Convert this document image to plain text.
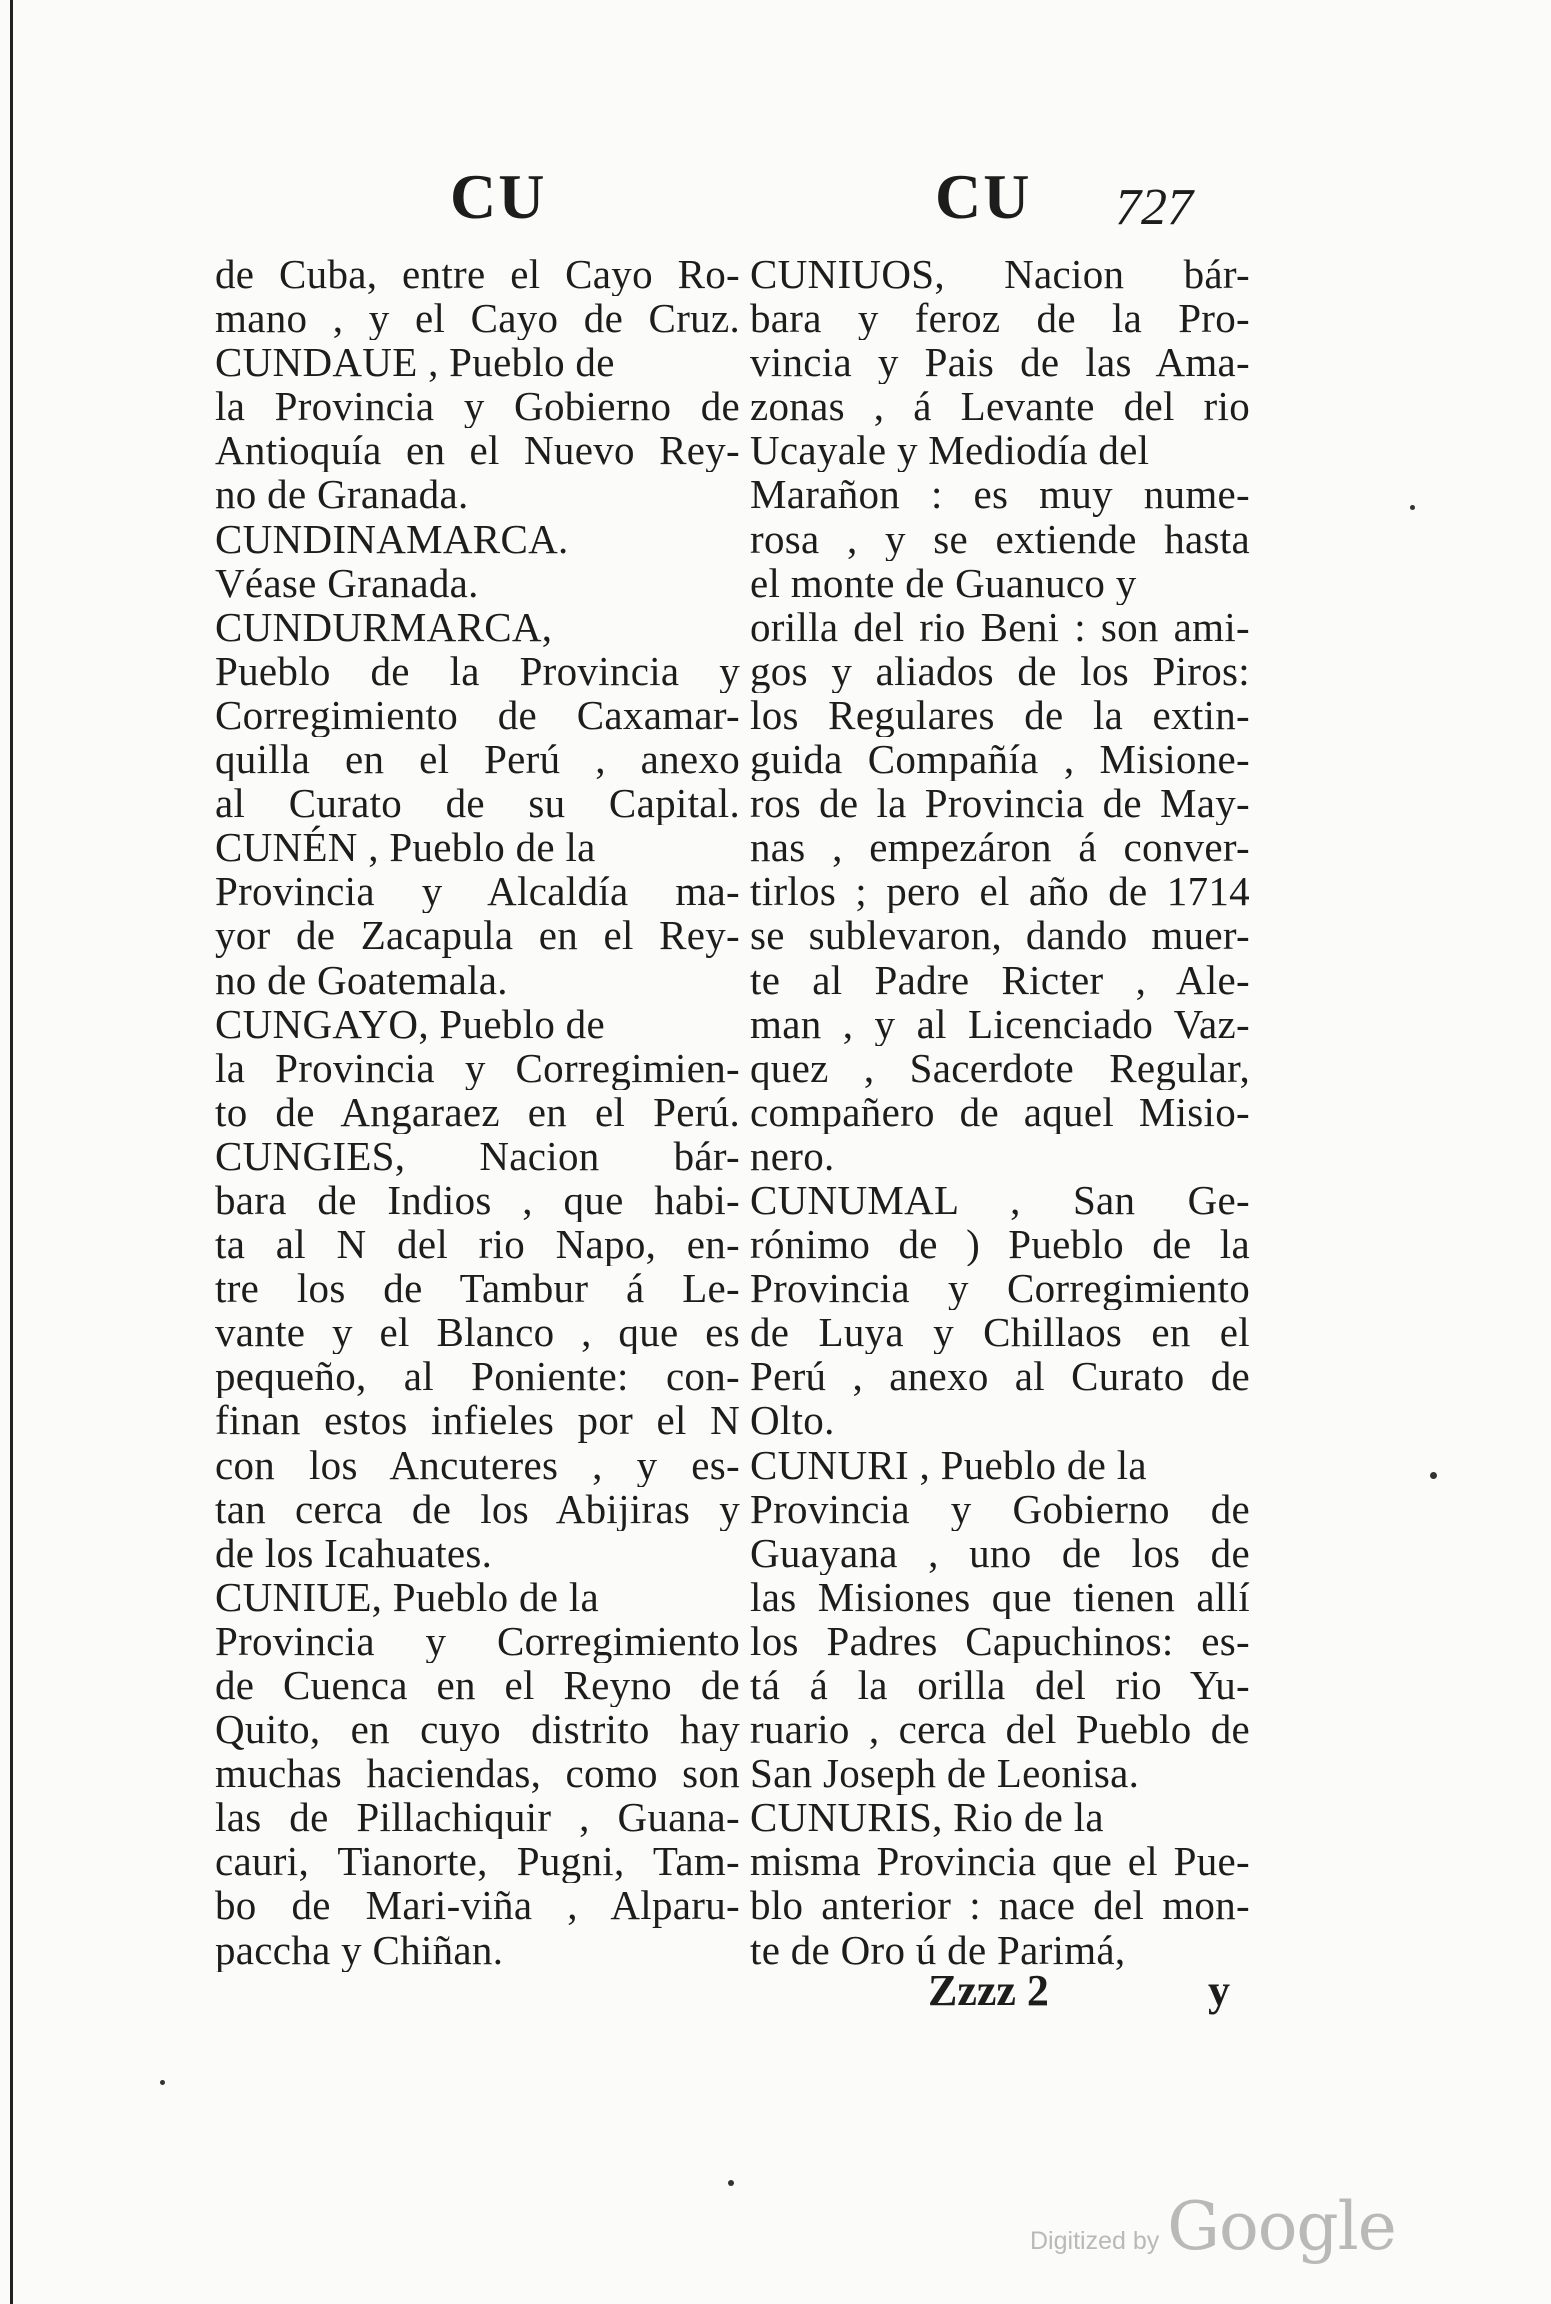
CU	CU 727
de Cuba, entre el Cayo Ro-
mano , y el Cayo de Cruz.
CUNDAUE , Pueblo de
la Provincia y Gobierno de
Antioquía en el Nuevo Rey-
no de Granada.
CUNDINAMARCA.
Véase Granada.
CUNDURMARCA,
Pueblo de la Provincia y
Corregimiento de Caxamar-
quilla en el Perú , anexo
al Curato de su Capital.
CUNÉN , Pueblo de la
Provincia y Alcaldía ma-
yor de Zacapula en el Rey-
no de Goatemala.
CUNGAYO, Pueblo de
la Provincia y Corregimien-
to de Angaraez en el Perú.
CUNGIES, Nacion bár-
bara de Indios , que habi-
ta al N del rio Napo, en-
tre los de Tambur á Le-
vante y el Blanco , que es
pequeño, al Poniente: con-
finan estos infieles por el N
con los Ancuteres , y es-
tan cerca de los Abijiras y
de los Icahuates.
CUNIUE, Pueblo de la
Provincia y Corregimiento
de Cuenca en el Reyno de
Quito, en cuyo distrito hay
muchas haciendas, como son
las de Pillachiquir , Guana-
cauri, Tianorte, Pugni, Tam-
bo de Mari-viña , Alparu-
paccha y Chiñan.
CUNIUOS, Nacion bár-
bara y feroz de la Pro-
vincia y Pais de las Ama-
zonas , á Levante del rio
Ucayale y Mediodía del
Marañon : es muy nume-
rosa , y se extiende hasta
el monte de Guanuco y
orilla del rio Beni : son ami-
gos y aliados de los Piros:
los Regulares de la extin-
guida Compañía , Misione-
ros de la Provincia de May-
nas , empezáron á conver-
tirlos ; pero el año de 1714
se sublevaron, dando muer-
te al Padre Ricter , Ale-
man , y al Licenciado Vaz-
quez , Sacerdote Regular,
compañero de aquel Misio-
nero.
CUNUMAL , San Ge-
rónimo de ) Pueblo de la
Provincia y Corregimiento
de Luya y Chillaos en el
Perú , anexo al Curato de
Olto.
CUNURI , Pueblo de la
Provincia y Gobierno de
Guayana , uno de los de
las Misiones que tienen allí
los Padres Capuchinos: es-
tá á la orilla del rio Yu-
ruario , cerca del Pueblo de
San Joseph de Leonisa.
CUNURIS, Rio de la
misma Provincia que el Pue-
blo anterior : nace del mon-
te de Oro ú de Parimá,
Zzzz 2	y
Digitized by Google
